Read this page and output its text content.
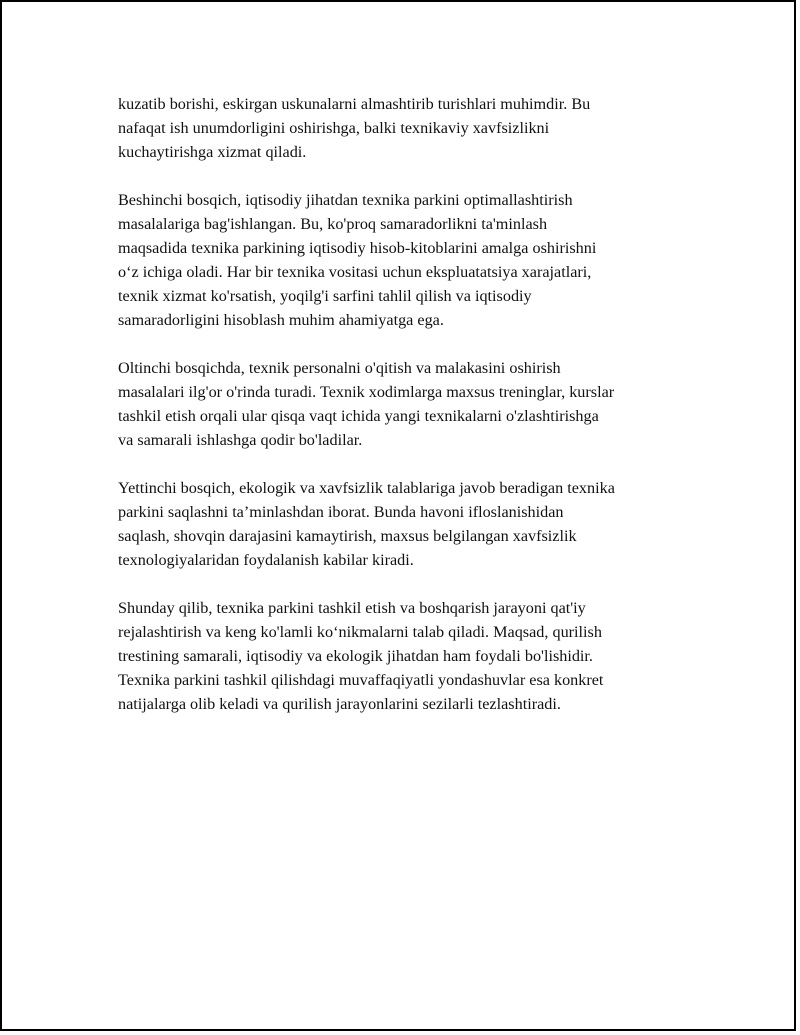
kuzatib borishi, eskirgan uskunalarni almashtirib turishlari muhimdir. Bu
nafaqat ish unumdorligini oshirishga, balki texnikaviy xavfsizlikni
kuchaytirishga xizmat qiladi.

Beshinchi bosqich, iqtisodiy jihatdan texnika parkini optimallashtirish
masalalariga bag'ishlangan. Bu, ko'proq samaradorlikni ta'minlash
maqsadida texnika parkining iqtisodiy hisob-kitoblarini amalga oshirishni
o‘z ichiga oladi. Har bir texnika vositasi uchun ekspluatatsiya xarajatlari,
texnik xizmat ko'rsatish, yoqilg'i sarfini tahlil qilish va iqtisodiy
samaradorligini hisoblash muhim ahamiyatga ega.

Oltinchi bosqichda, texnik personalni o'qitish va malakasini oshirish
masalalari ilg'or o'rinda turadi. Texnik xodimlarga maxsus treninglar, kurslar
tashkil etish orqali ular qisqa vaqt ichida yangi texnikalarni o'zlashtirishga
va samarali ishlashga qodir bo'ladilar.

Yettinchi bosqich, ekologik va xavfsizlik talablariga javob beradigan texnika
parkini saqlashni ta’minlashdan iborat. Bunda havoni ifloslanishidan
saqlash, shovqin darajasini kamaytirish, maxsus belgilangan xavfsizlik
texnologiyalaridan foydalanish kabilar kiradi.

Shunday qilib, texnika parkini tashkil etish va boshqarish jarayoni qat'iy
rejalashtirish va keng ko'lamli ko‘nikmalarni talab qiladi. Maqsad, qurilish
trestining samarali, iqtisodiy va ekologik jihatdan ham foydali bo'lishidir.
Texnika parkini tashkil qilishdagi muvaffaqiyatli yondashuvlar esa konkret
natijalarga olib keladi va qurilish jarayonlarini sezilarli tezlashtiradi.
